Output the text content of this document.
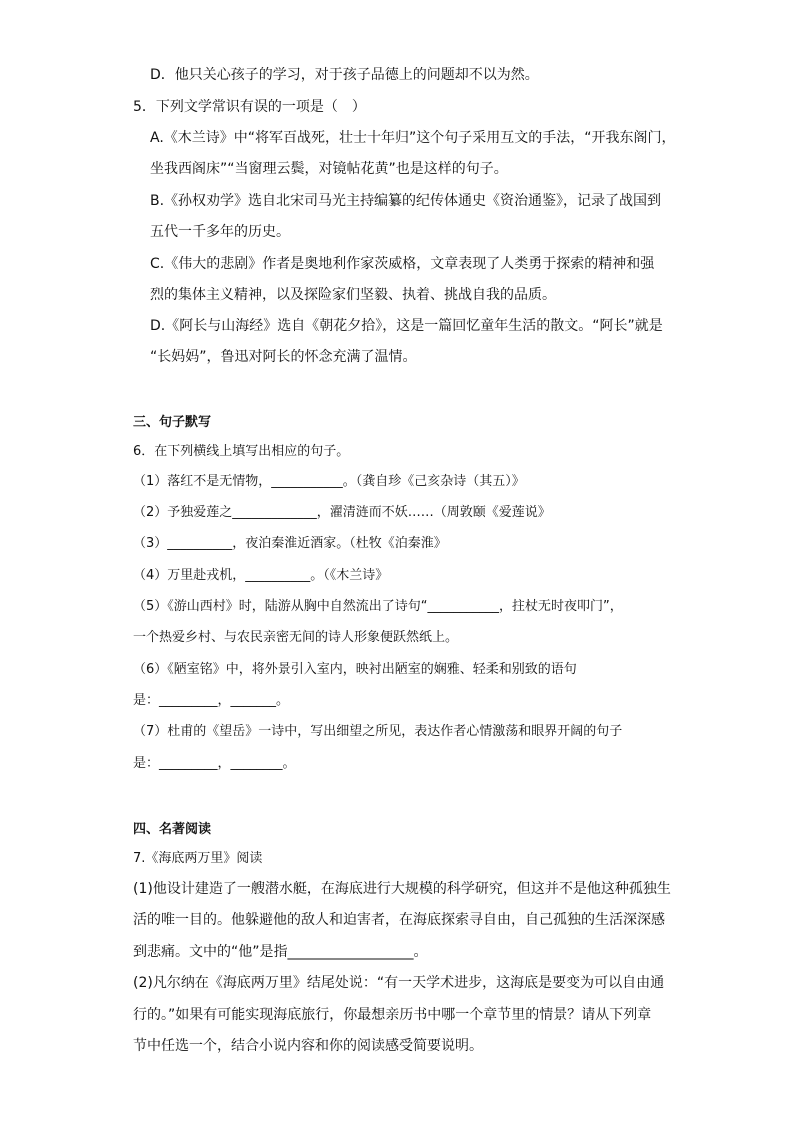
D．他只关心孩子的学习，对于孩子品德上的问题却不以为然。
5．下列文学常识有误的一项是（　）
A.《木兰诗》中“将军百战死，壮士十年归”这个句子采用互文的手法，“开我东阁门，
坐我西阁床”“当窗理云鬓，对镜帖花黄”也是这样的句子。
B.《孙权劝学》选自北宋司马光主持编纂的纪传体通史《资治通鉴》，记录了战国到
五代一千多年的历史。
C.《伟大的悲剧》作者是奥地利作家茨威格，文章表现了人类勇于探索的精神和强
烈的集体主义精神，以及探险家们坚毅、执着、挑战自我的品质。
D.《阿长与山海经》选自《朝花夕拾》，这是一篇回忆童年生活的散文。“阿长”就是
“长妈妈”，鲁迅对阿长的怀念充满了温情。
三、句子默写
6．在下列横线上填写出相应的句子。
（1）落红不是无情物，___________。（龚自珍《己亥杂诗（其五）》
（2）予独爱莲之_____________，濯清涟而不妖……（周敦颐《爱莲说》
（3）__________，夜泊秦淮近酒家。（杜牧《泊秦淮》
（4）万里赴戎机，__________。（《木兰诗》
（5）《游山西村》时，陆游从胸中自然流出了诗句“___________，拄杖无时夜叩门”，
一个热爱乡村、与农民亲密无间的诗人形象便跃然纸上。
（6）《陋室铭》中，将外景引入室内，映衬出陋室的娴雅、轻柔和别致的语句
是：_________，_______。
（7）杜甫的《望岳》一诗中，写出细望之所见，表达作者心情激荡和眼界开阔的句子
是：_________，________。
四、名著阅读
7.《海底两万里》阅读
(1)他设计建造了一艘潜水艇，在海底进行大规模的科学研究，但这并不是他这种孤独生
活的唯一目的。他躲避他的敌人和迫害者，在海底探索寻自由，自己孤独的生活深深感
到悲痛。文中的“他”是指__________________。
(2)凡尔纳在《海底两万里》结尾处说：“有一天学术进步，这海底是要变为可以自由通
行的。”如果有可能实现海底旅行，你最想亲历书中哪一个章节里的情景？请从下列章
节中任选一个，结合小说内容和你的阅读感受简要说明。
